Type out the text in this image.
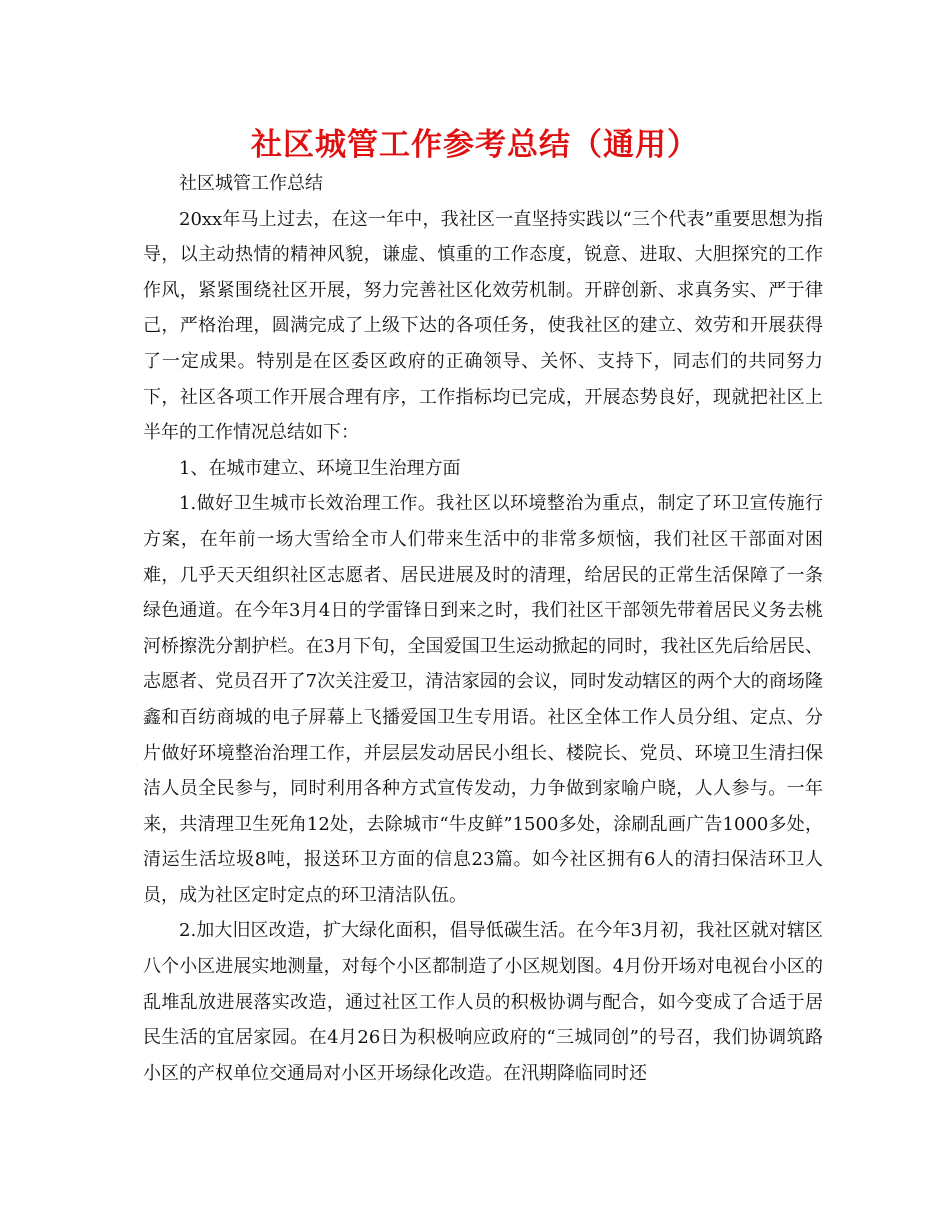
社区城管工作参考总结（通用）

社区城管工作总结

20xx年马上过去，在这一年中，我社区一直坚持实践以“三个代表”重要思想为指导，以主动热情的精神风貌，谦虚、慎重的工作态度，锐意、进取、大胆探究的工作作风，紧紧围绕社区开展，努力完善社区化效劳机制。开辟创新、求真务实、严于律己，严格治理，圆满完成了上级下达的各项任务，使我社区的建立、效劳和开展获得了一定成果。特别是在区委区政府的正确领导、关怀、支持下，同志们的共同努力下，社区各项工作开展合理有序，工作指标均已完成，开展态势良好，现就把社区上半年的工作情况总结如下：

1、在城市建立、环境卫生治理方面

1.做好卫生城市长效治理工作。我社区以环境整治为重点，制定了环卫宣传施行方案，在年前一场大雪给全市人们带来生活中的非常多烦恼，我们社区干部面对困难，几乎天天组织社区志愿者、居民进展及时的清理，给居民的正常生活保障了一条绿色通道。在今年3月4日的学雷锋日到来之时，我们社区干部领先带着居民义务去桃河桥擦洗分割护栏。在3月下旬，全国爱国卫生运动掀起的同时，我社区先后给居民、志愿者、党员召开了7次关注爱卫，清洁家园的会议，同时发动辖区的两个大的商场隆鑫和百纺商城的电子屏幕上飞播爱国卫生专用语。社区全体工作人员分组、定点、分片做好环境整治治理工作，并层层发动居民小组长、楼院长、党员、环境卫生清扫保洁人员全民参与，同时利用各种方式宣传发动，力争做到家喻户晓，人人参与。一年来，共清理卫生死角12处，去除城市“牛皮鲜”1500多处，涂刷乱画广告1000多处，清运生活垃圾8吨，报送环卫方面的信息23篇。如今社区拥有6人的清扫保洁环卫人员，成为社区定时定点的环卫清洁队伍。

2.加大旧区改造，扩大绿化面积，倡导低碳生活。在今年3月初，我社区就对辖区八个小区进展实地测量，对每个小区都制造了小区规划图。4月份开场对电视台小区的乱堆乱放进展落实改造，通过社区工作人员的积极协调与配合，如今变成了合适于居民生活的宜居家园。在4月26日为积极响应政府的“三城同创”的号召，我们协调筑路小区的产权单位交通局对小区开场绿化改造。在汛期降临同时还
